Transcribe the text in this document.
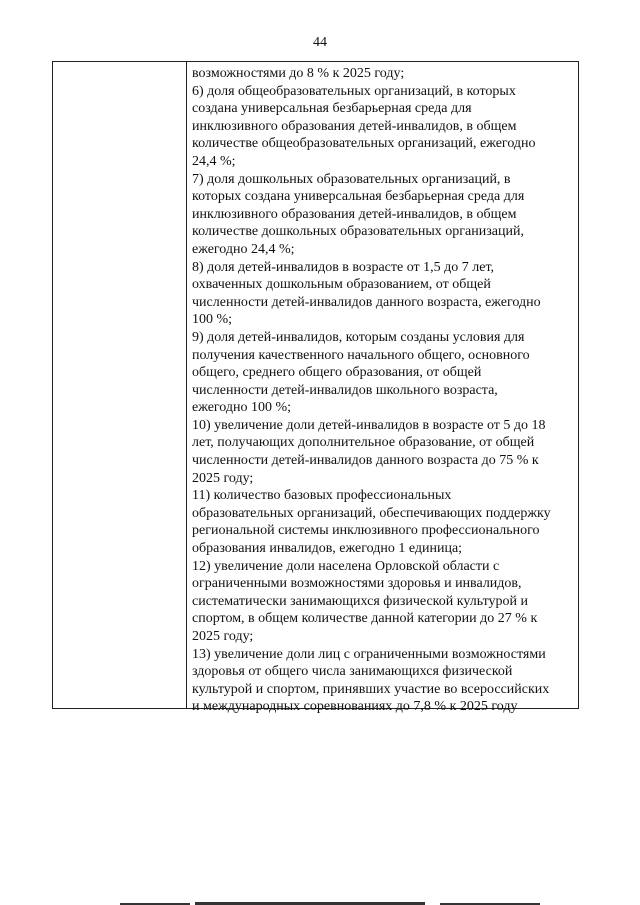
44
возможностями до 8 % к 2025 году;
6) доля общеобразовательных организаций, в которых
создана универсальная безбарьерная среда для
инклюзивного образования детей-инвалидов, в общем
количестве общеобразовательных организаций, ежегодно
24,4 %;
7) доля дошкольных образовательных организаций, в
которых создана универсальная безбарьерная среда для
инклюзивного образования детей-инвалидов, в общем
количестве дошкольных образовательных организаций,
ежегодно 24,4 %;
8) доля детей-инвалидов в возрасте от 1,5 до 7 лет,
охваченных дошкольным образованием, от общей
численности детей-инвалидов данного возраста, ежегодно
100 %;
9) доля детей-инвалидов, которым созданы условия для
получения качественного начального общего, основного
общего, среднего общего образования, от общей
численности детей-инвалидов школьного возраста,
ежегодно 100 %;
10) увеличение доли детей-инвалидов в возрасте от 5 до 18
лет, получающих дополнительное образование, от общей
численности детей-инвалидов данного возраста до 75 % к
2025 году;
11) количество базовых профессиональных
образовательных организаций, обеспечивающих поддержку
региональной системы инклюзивного профессионального
образования инвалидов, ежегодно 1 единица;
12) увеличение доли населена Орловской области с
ограниченными возможностями здоровья и инвалидов,
систематически занимающихся физической культурой и
спортом, в общем количестве данной категории до 27 % к
2025 году;
13) увеличение доли лиц с ограниченными возможностями
здоровья от общего числа занимающихся физической
культурой и спортом, принявших участие во всероссийских
и международных соревнованиях до 7,8 % к 2025 году
